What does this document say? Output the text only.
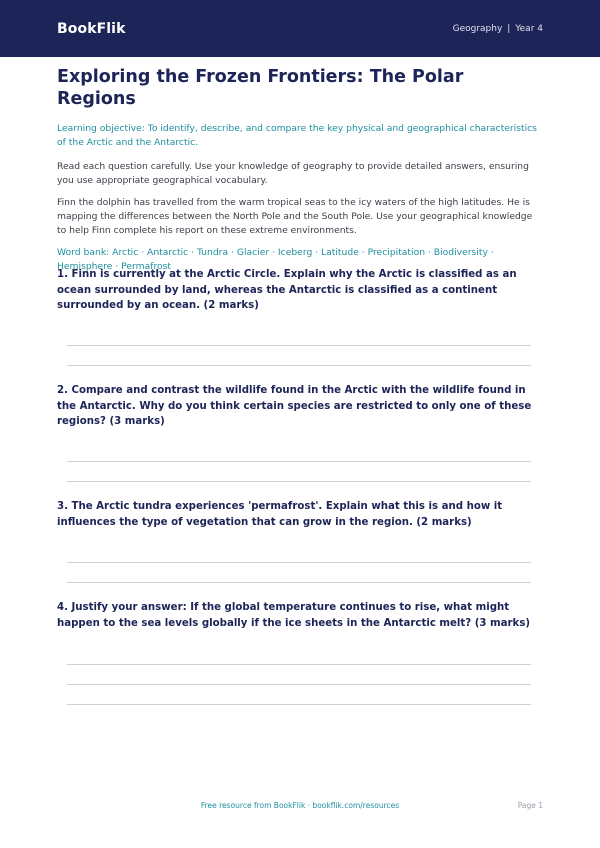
BookFlik	Geography | Year 4
Exploring the Frozen Frontiers: The Polar Regions
Learning objective: To identify, describe, and compare the key physical and geographical characteristics of the Arctic and the Antarctic.
Read each question carefully. Use your knowledge of geography to provide detailed answers, ensuring you use appropriate geographical vocabulary.
Finn the dolphin has travelled from the warm tropical seas to the icy waters of the high latitudes. He is mapping the differences between the North Pole and the South Pole. Use your geographical knowledge to help Finn complete his report on these extreme environments.
Word bank: Arctic · Antarctic · Tundra · Glacier · Iceberg · Latitude · Precipitation · Biodiversity · Hemisphere · Permafrost
1. Finn is currently at the Arctic Circle. Explain why the Arctic is classified as an ocean surrounded by land, whereas the Antarctic is classified as a continent surrounded by an ocean. (2 marks)
2. Compare and contrast the wildlife found in the Arctic with the wildlife found in the Antarctic. Why do you think certain species are restricted to only one of these regions? (3 marks)
3. The Arctic tundra experiences 'permafrost'. Explain what this is and how it influences the type of vegetation that can grow in the region. (2 marks)
4. Justify your answer: If the global temperature continues to rise, what might happen to the sea levels globally if the ice sheets in the Antarctic melt? (3 marks)
Free resource from BookFlik · bookflik.com/resources	Page 1
